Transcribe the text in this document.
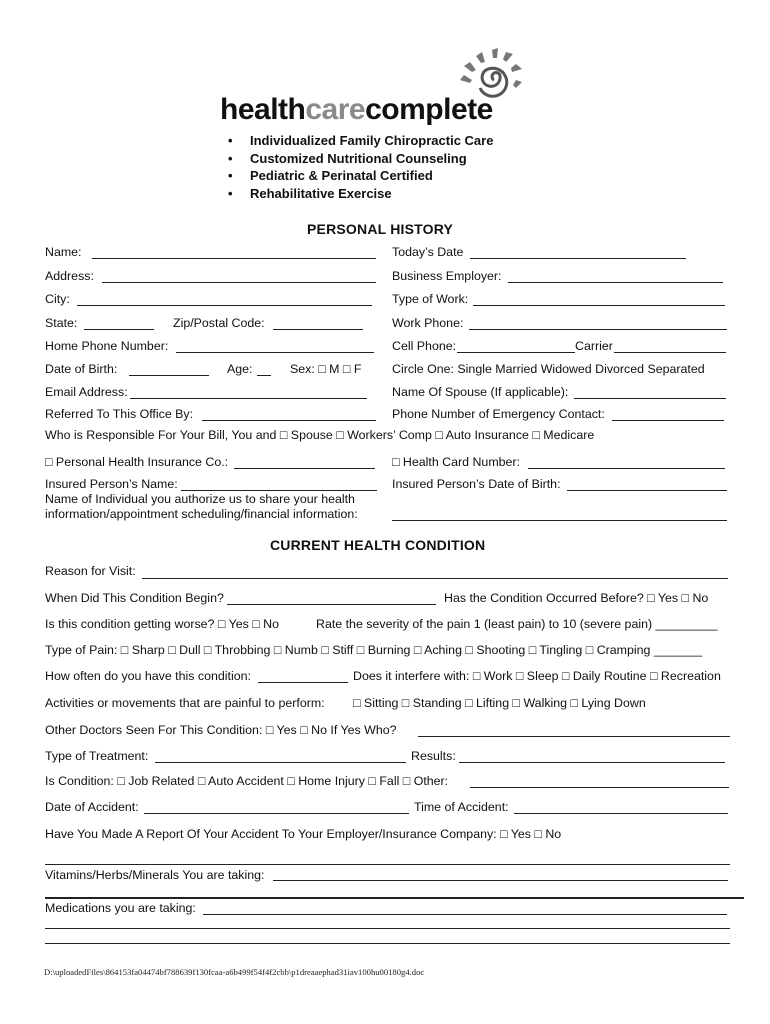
healthcarecomplete
• Individualized Family Chiropractic Care
• Customized Nutritional Counseling
• Pediatric & Perinatal Certified
• Rehabilitative Exercise
PERSONAL HISTORY
Name:	Today’s Date
Address:	Business Employer:
City:	Type of Work:
State:	Zip/Postal Code:	Work Phone:
Home Phone Number:	Cell Phone:	Carrier
Date of Birth:	Age:	Sex: □ M □ F Circle One: Single Married Widowed Divorced Separated
Email Address:	Name Of Spouse (If applicable):
Referred To This Office By:	Phone Number of Emergency Contact:
Who is Responsible For Your Bill, You and □ Spouse □ Workers’ Comp □ Auto Insurance □ Medicare
□ Personal Health Insurance Co.:	□ Health Card Number:
Insured Person’s Name:	Insured Person’s Date of Birth:
Name of Individual you authorize us to share your health
information/appointment scheduling/financial information:
CURRENT HEALTH CONDITION
Reason for Visit:
When Did This Condition Begin?	Has the Condition Occurred Before? □ Yes □ No
Is this condition getting worse? □ Yes □ No	Rate the severity of the pain 1 (least pain) to 10 (severe pain) _________
Type of Pain: □ Sharp □ Dull □ Throbbing □ Numb □ Stiff □ Burning □ Aching □ Shooting □ Tingling □ Cramping _______
How often do you have this condition:	Does it interfere with: □ Work □ Sleep □ Daily Routine □ Recreation
Activities or movements that are painful to perform: □ Sitting □ Standing □ Lifting □ Walking □ Lying Down
Other Doctors Seen For This Condition: □ Yes □ No If Yes Who?
Type of Treatment:	Results:
Is Condition: □ Job Related □ Auto Accident □ Home Injury □ Fall □ Other:
Date of Accident:	Time of Accident:
Have You Made A Report Of Your Accident To Your Employer/Insurance Company: □ Yes □ No
Vitamins/Herbs/Minerals You are taking:
Medications you are taking:
D:\uploadedFiles\864153fa04474bf788639f130fcaa-a6b499f54f4f2cbb\p1dreaaephad31iav100hu00180g4.doc
